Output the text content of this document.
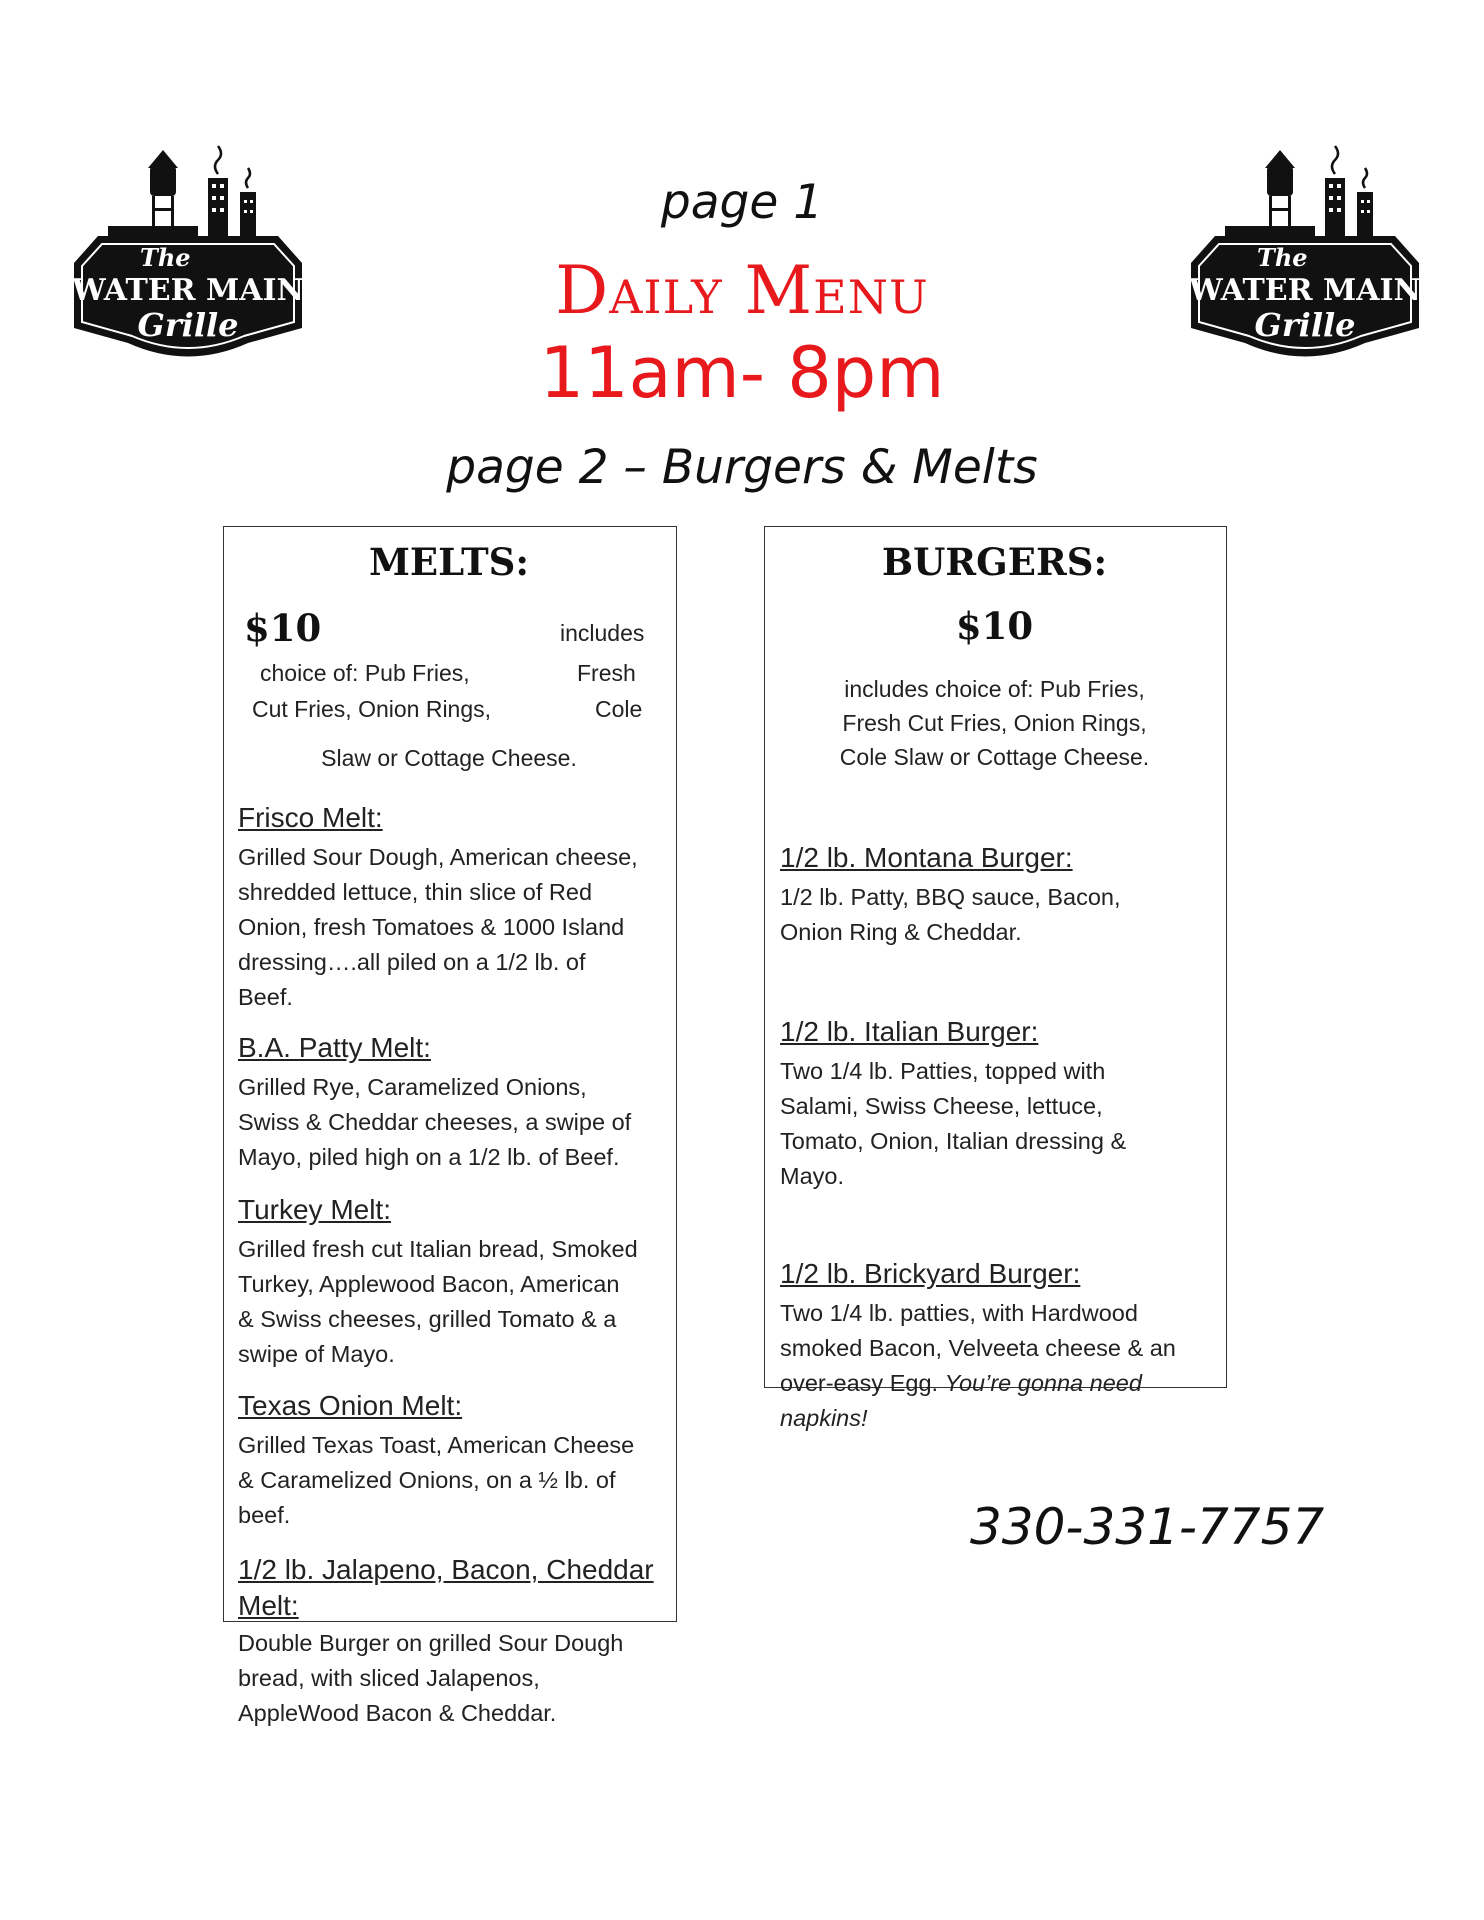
The
WATER MAIN
Grille
The
WATER MAIN
Grille
page 1
Daily Menu
11am- 8pm
page 2 – Burgers & Melts
MELTS:
$10	includes
choice of: Pub Fries,	Fresh
Cut Fries, Onion Rings,	Cole
Slaw or Cottage Cheese.
Frisco Melt:
Grilled Sour Dough, American cheese,
shredded lettuce, thin slice of Red
Onion, fresh Tomatoes & 1000 Island
dressing….all piled on a 1/2 lb. of
Beef.
B.A. Patty Melt:
Grilled Rye, Caramelized Onions,
Swiss & Cheddar cheeses, a swipe of
Mayo, piled high on a 1/2 lb. of Beef.
Turkey Melt:
Grilled fresh cut Italian bread, Smoked
Turkey, Applewood Bacon, American
& Swiss cheeses, grilled Tomato & a
swipe of Mayo.
Texas Onion Melt:
Grilled Texas Toast, American Cheese
& Caramelized Onions, on a ½ lb. of
beef.
1/2 lb. Jalapeno, Bacon, Cheddar
Melt:
Double Burger on grilled Sour Dough
bread, with sliced Jalapenos,
AppleWood Bacon & Cheddar.
BURGERS:
$10
includes choice of: Pub Fries,
Fresh Cut Fries, Onion Rings,
Cole Slaw or Cottage Cheese.
1/2 lb. Montana Burger:
1/2 lb. Patty, BBQ sauce, Bacon,
Onion Ring & Cheddar.
1/2 lb. Italian Burger:
Two 1/4 lb. Patties, topped with
Salami, Swiss Cheese, lettuce,
Tomato, Onion, Italian dressing &
Mayo.
1/2 lb. Brickyard Burger:
Two 1/4 lb. patties, with Hardwood
smoked Bacon, Velveeta cheese & an
over-easy Egg. You’re gonna need
napkins!
330-331-7757
